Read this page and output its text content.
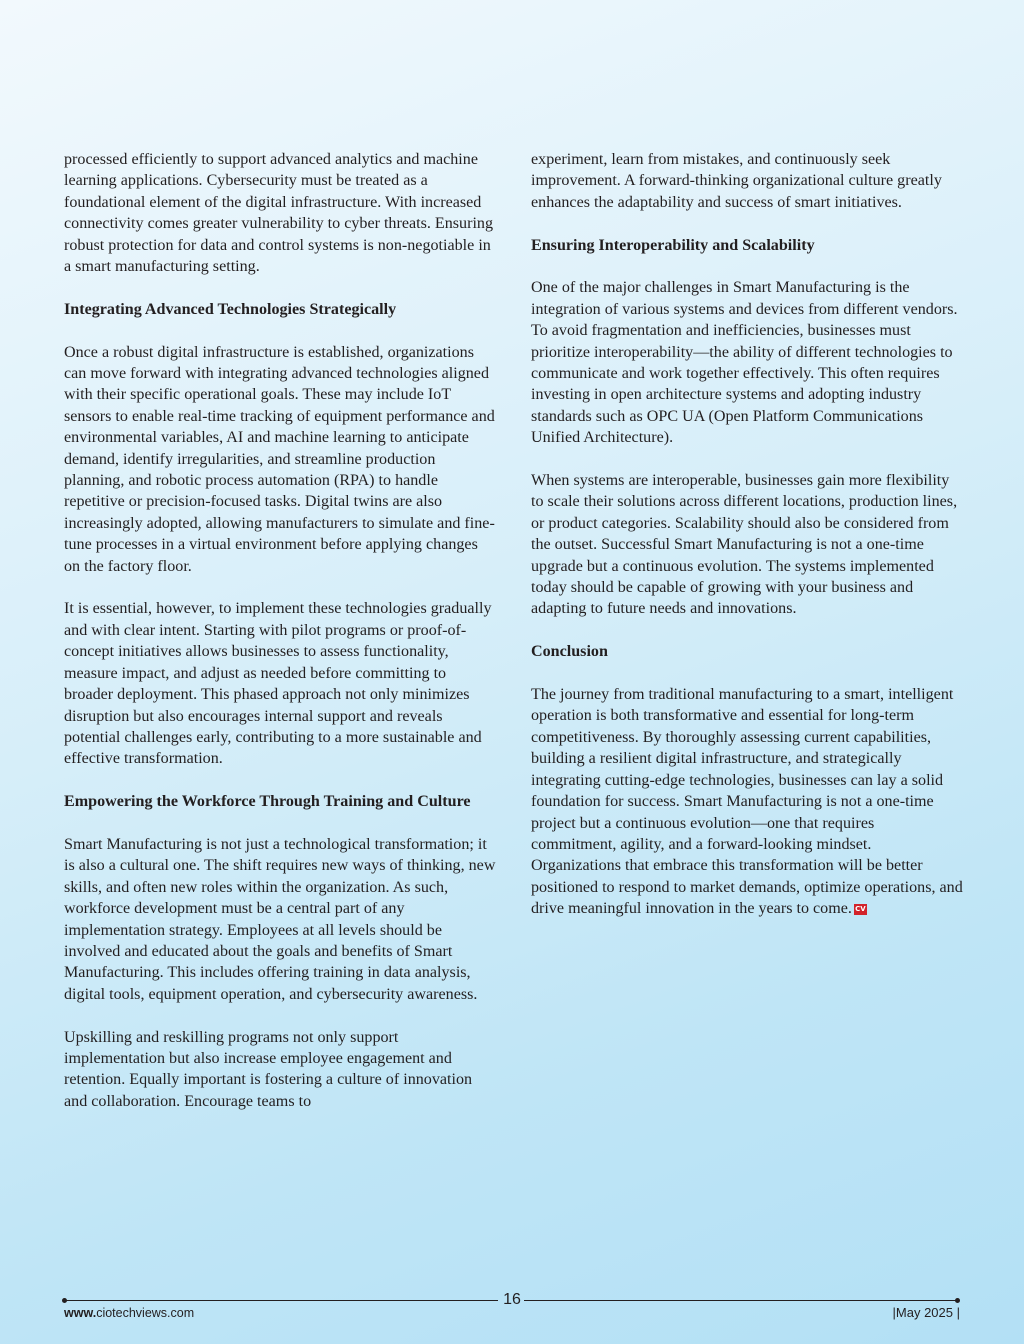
processed efficiently to support advanced analytics and machine learning applications. Cybersecurity must be treated as a foundational element of the digital infrastructure. With increased connectivity comes greater vulnerability to cyber threats. Ensuring robust protection for data and control systems is non-negotiable in a smart manufacturing setting.

Integrating Advanced Technologies Strategically

Once a robust digital infrastructure is established, organizations can move forward with integrating advanced technologies aligned with their specific operational goals. These may include IoT sensors to enable real-time tracking of equipment performance and environmental variables, AI and machine learning to anticipate demand, identify irregularities, and streamline production planning, and robotic process automation (RPA) to handle repetitive or precision-focused tasks. Digital twins are also increasingly adopted, allowing manufacturers to simulate and fine-tune processes in a virtual environment before applying changes on the factory floor.

It is essential, however, to implement these technologies gradually and with clear intent. Starting with pilot programs or proof-of-concept initiatives allows businesses to assess functionality, measure impact, and adjust as needed before committing to broader deployment. This phased approach not only minimizes disruption but also encourages internal support and reveals potential challenges early, contributing to a more sustainable and effective transformation.

Empowering the Workforce Through Training and Culture

Smart Manufacturing is not just a technological transformation; it is also a cultural one. The shift requires new ways of thinking, new skills, and often new roles within the organization. As such, workforce development must be a central part of any implementation strategy. Employees at all levels should be involved and educated about the goals and benefits of Smart Manufacturing. This includes offering training in data analysis, digital tools, equipment operation, and cybersecurity awareness.

Upskilling and reskilling programs not only support implementation but also increase employee engagement and retention. Equally important is fostering a culture of innovation and collaboration. Encourage teams to

experiment, learn from mistakes, and continuously seek improvement. A forward-thinking organizational culture greatly enhances the adaptability and success of smart initiatives.

Ensuring Interoperability and Scalability

One of the major challenges in Smart Manufacturing is the integration of various systems and devices from different vendors. To avoid fragmentation and inefficiencies, businesses must prioritize interoperability—the ability of different technologies to communicate and work together effectively. This often requires investing in open architecture systems and adopting industry standards such as OPC UA (Open Platform Communications Unified Architecture).

When systems are interoperable, businesses gain more flexibility to scale their solutions across different locations, production lines, or product categories. Scalability should also be considered from the outset. Successful Smart Manufacturing is not a one-time upgrade but a continuous evolution. The systems implemented today should be capable of growing with your business and adapting to future needs and innovations.

Conclusion

The journey from traditional manufacturing to a smart, intelligent operation is both transformative and essential for long-term competitiveness. By thoroughly assessing current capabilities, building a resilient digital infrastructure, and strategically integrating cutting-edge technologies, businesses can lay a solid foundation for success. Smart Manufacturing is not a one-time project but a continuous evolution—one that requires commitment, agility, and a forward-looking mindset. Organizations that embrace this transformation will be better positioned to respond to market demands, optimize operations, and drive meaningful innovation in the years to come. CV

16
www.ciotechviews.com	|May 2025 |
